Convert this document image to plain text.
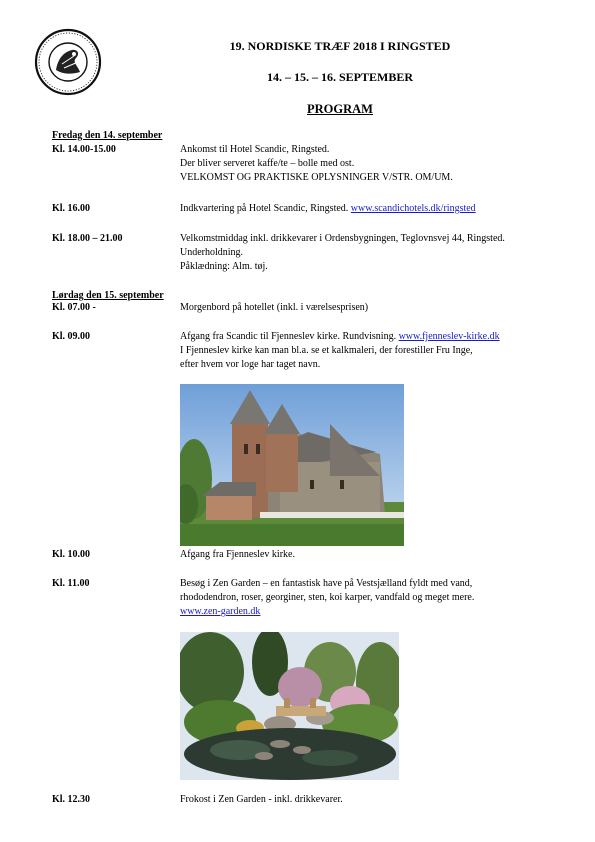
19. NORDISKE TRÆF 2018 I RINGSTED
14. – 15. – 16. SEPTEMBER
PROGRAM
Fredag den 14. september
Kl. 14.00-15.00	Ankomst til Hotel Scandic, Ringsted.
Der bliver serveret kaffe/te – bolle med ost.
VELKOMST OG PRAKTISKE OPLYSNINGER V/STR. OM/UM.
Kl. 16.00	Indkvartering på Hotel Scandic, Ringsted. www.scandichotels.dk/ringsted
Kl. 18.00 – 21.00	Velkomstmiddag inkl. drikkevarer i Ordensbygningen, Teglovnsvej 44, Ringsted.
Underholdning.
Påklædning: Alm. tøj.
Lørdag den 15. september
Kl. 07.00 -	Morgenbord på hotellet (inkl. i værelsesprisen)
Kl. 09.00	Afgang fra Scandic til Fjenneslev kirke. Rundvisning. www.fjenneslev-kirke.dk
I Fjenneslev kirke kan man bl.a. se et kalkmaleri, der forestiller Fru Inge,
efter hvem vor loge har taget navn.
Kl. 10.00	Afgang fra Fjenneslev kirke.
Kl. 11.00	Besøg i Zen Garden – en fantastisk have på Vestsjælland fyldt med vand,
rhododendron, roser, georginer, sten, koi karper, vandfald og meget mere.
www.zen-garden.dk
Kl. 12.30	Frokost i Zen Garden - inkl. drikkevarer.
